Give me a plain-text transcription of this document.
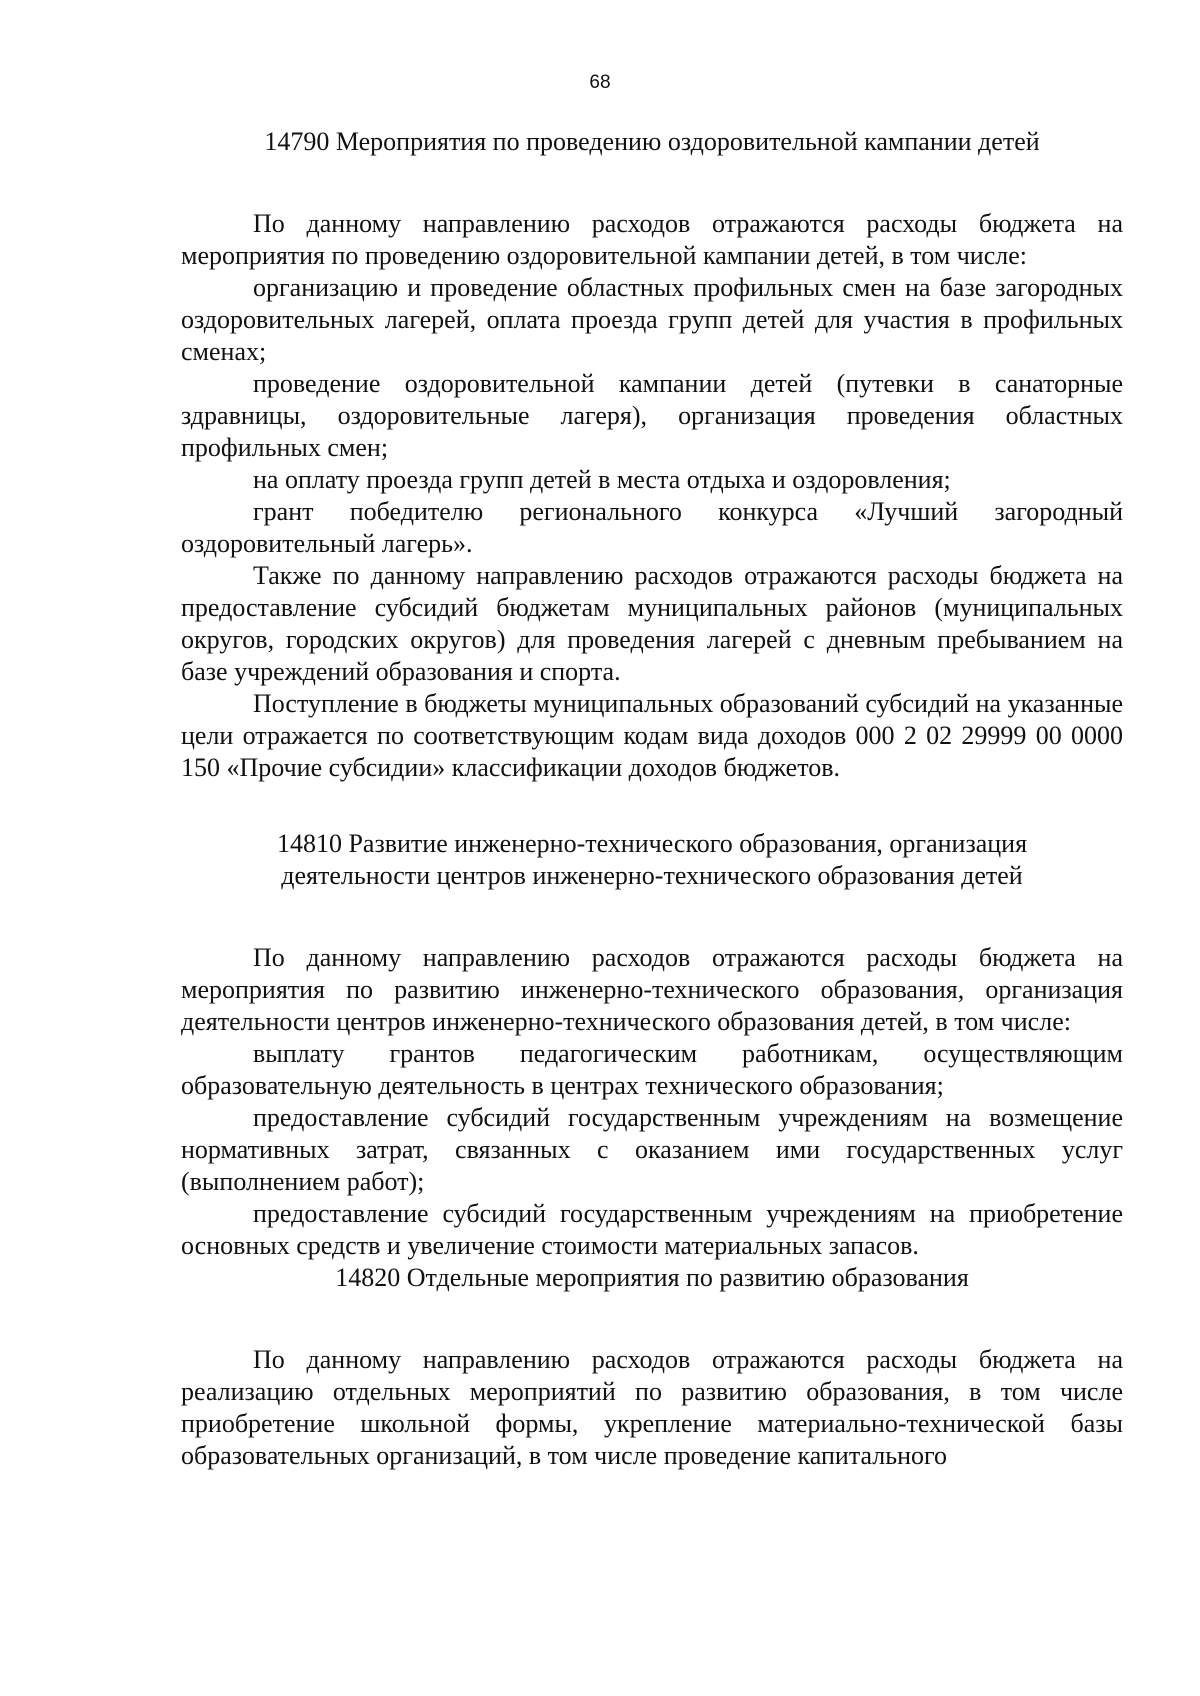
68

14790 Мероприятия по проведению оздоровительной кампании детей

По данному направлению расходов отражаются расходы бюджета на мероприятия по проведению оздоровительной кампании детей, в том числе:

организацию и проведение областных профильных смен на базе загородных оздоровительных лагерей, оплата проезда групп детей для участия в профильных сменах;

проведение оздоровительной кампании детей (путевки в санаторные здравницы, оздоровительные лагеря), организация проведения областных профильных смен;

на оплату проезда групп детей в места отдыха и оздоровления;

грант победителю регионального конкурса «Лучший загородный оздоровительный лагерь».

Также по данному направлению расходов отражаются расходы бюджета на предоставление субсидий бюджетам муниципальных районов (муниципальных округов, городских округов) для проведения лагерей с дневным пребыванием на базе учреждений образования и спорта.

Поступление в бюджеты муниципальных образований субсидий на указанные цели отражается по соответствующим кодам вида доходов 000 2 02 29999 00 0000 150 «Прочие субсидии» классификации доходов бюджетов.

14810 Развитие инженерно-технического образования, организация

деятельности центров инженерно-технического образования детей

По данному направлению расходов отражаются расходы бюджета на мероприятия по развитию инженерно-технического образования, организация деятельности центров инженерно-технического образования детей, в том числе:

выплату грантов педагогическим работникам, осуществляющим образовательную деятельность в центрах технического образования;

предоставление субсидий государственным учреждениям на возмещение нормативных затрат, связанных с оказанием ими государственных услуг (выполнением работ);

предоставление субсидий государственным учреждениям на приобретение основных средств и увеличение стоимости материальных запасов.

14820 Отдельные мероприятия по развитию образования

По данному направлению расходов отражаются расходы бюджета на реализацию отдельных мероприятий по развитию образования, в том числе приобретение школьной формы, укрепление материально-технической базы образовательных организаций, в том числе проведение капитального
